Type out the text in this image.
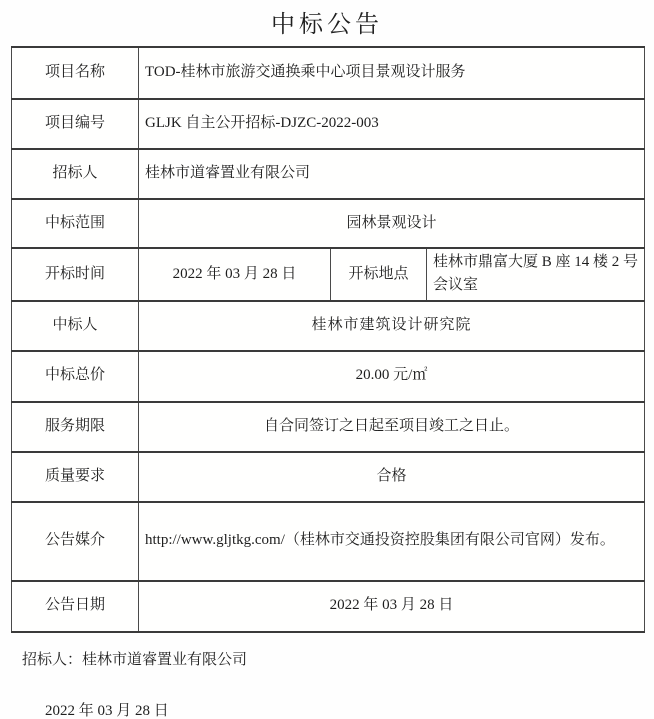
中标公告
项目名称	TOD-桂林市旅游交通换乘中心项目景观设计服务		
项目编号	GLJK 自主公开招标-DJZC-2022-003		
招标人	桂林市道睿置业有限公司		
中标范围	园林景观设计		
开标时间	2022 年 03 月 28 日	开标地点	桂林市鼎富大厦 B 座 14 楼 2 号会议室
中标人	桂林市建筑设计研究院		
中标总价	20.00 元/㎡		
服务期限	自合同签订之日起至项目竣工之日止。		
质量要求	合格		
公告媒介	http://www.gljtkg.com/（桂林市交通投资控股集团有限公司官网）发布。		
公告日期	2022 年 03 月 28 日		
招标人：桂林市道睿置业有限公司
2022 年 03 月 28 日
